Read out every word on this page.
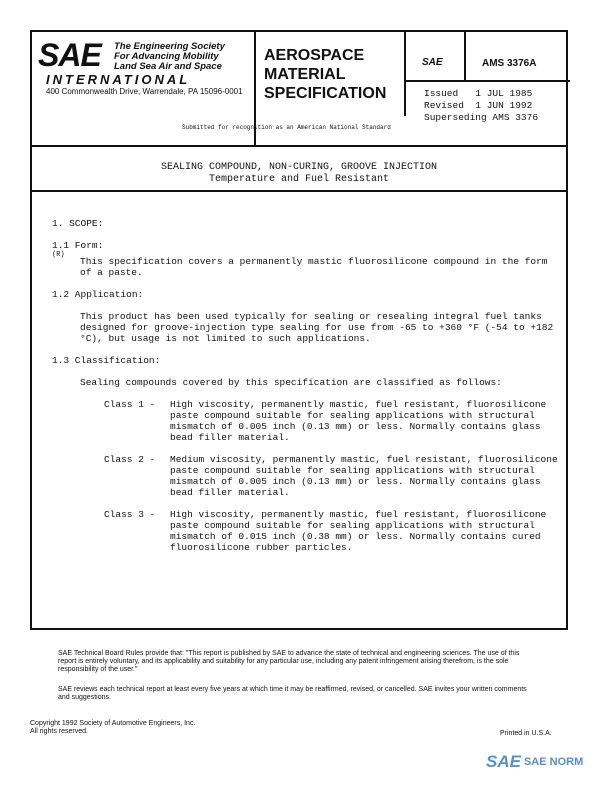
SAE The Engineering Society
For Advancing Mobility
Land Sea Air and Space
INTERNATIONAL
400 Commonwealth Drive, Warrendale, PA 15096-0001
AEROSPACE
MATERIAL
SPECIFICATION
SAE	AMS 3376A
Issued   1 JUL 1985
Revised  1 JUN 1992
Superseding AMS 3376
Submitted for recognition as an American National Standard
SEALING COMPOUND, NON-CURING, GROOVE INJECTION
Temperature and Fuel Resistant

1. SCOPE:

1.1 Form:

(R)

This specification covers a permanently mastic fluorosilicone compound in the form of a paste.

1.2 Application:

This product has been used typically for sealing or resealing integral fuel tanks designed for groove-injection type sealing for use from -65 to +360 °F (-54 to +182 °C), but usage is not limited to such applications.

1.3 Classification:

Sealing compounds covered by this specification are classified as follows:

Class 1 -	High viscosity, permanently mastic, fuel resistant, fluorosilicone paste compound suitable for sealing applications with structural mismatch of 0.005 inch (0.13 mm) or less. Normally contains glass bead filler material.
Class 2 -	Medium viscosity, permanently mastic, fuel resistant, fluorosilicone paste compound suitable for sealing applications with structural mismatch of 0.005 inch (0.13 mm) or less. Normally contains glass bead filler material.
Class 3 -	High viscosity, permanently mastic, fuel resistant, fluorosilicone paste compound suitable for sealing applications with structural mismatch of 0.015 inch (0.38 mm) or less. Normally contains cured fluorosilicone rubber particles.
SAE Technical Board Rules provide that: "This report is published by SAE to advance the state of technical and engineering sciences. The use of this report is entirely voluntary, and its applicability and suitability for any particular use, including any patent infringement arising therefrom, is the sole responsibility of the user."
SAE reviews each technical report at least every five years at which time it may be reaffirmed, revised, or cancelled. SAE invites your written comments and suggestions.
Copyright 1992 Society of Automotive Engineers, Inc.
All rights reserved.	Printed in U.S.A.
SAE SAE NORM
